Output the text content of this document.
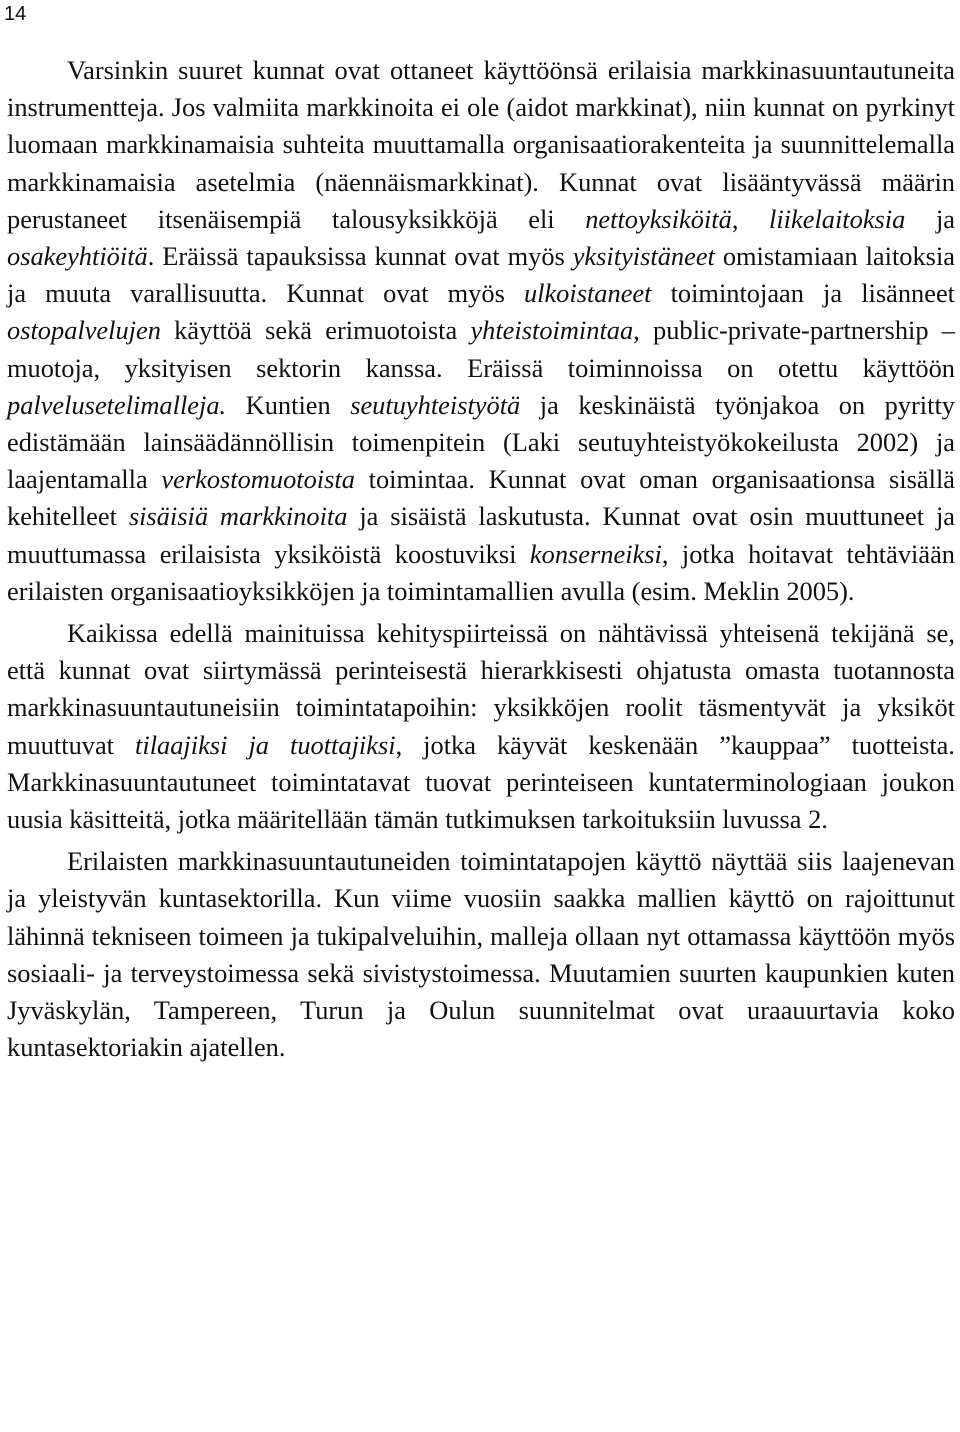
14

Varsinkin suuret kunnat ovat ottaneet käyttöönsä erilaisia markkinasuuntautuneita instrumentteja. Jos valmiita markkinoita ei ole (aidot markkinat), niin kunnat on pyrkinyt luomaan markkinamaisia suhteita muuttamalla organisaatiorakenteita ja suunnittelemalla markkinamaisia asetelmia (näennäismarkkinat). Kunnat ovat lisääntyvässä määrin perustaneet itsenäisempiä talousyksikköjä eli nettoyksiköitä, liikelaitoksia ja osakeyhtiöitä. Eräissä tapauksissa kunnat ovat myös yksityistäneet omistamiaan laitoksia ja muuta varallisuutta. Kunnat ovat myös ulkoistaneet toimintojaan ja lisänneet ostopalvelujen käyttöä sekä erimuotoista yhteistoimintaa, public-private-partnership –muotoja, yksityisen sektorin kanssa. Eräissä toiminnoissa on otettu käyttöön palvelusetelimalleja. Kuntien seutuyhteistyötä ja keskinäistä työnjakoa on pyritty edistämään lainsäädännöllisin toimenpitein (Laki seutuyhteistyökokeilusta 2002) ja laajentamalla verkostomuotoista toimintaa. Kunnat ovat oman organisaationsa sisällä kehitelleet sisäisiä markkinoita ja sisäistä laskutusta. Kunnat ovat osin muuttuneet ja muuttumassa erilaisista yksiköistä koostuviksi konserneiksi, jotka hoitavat tehtäviään erilaisten organisaatioyksikköjen ja toimintamallien avulla (esim. Meklin 2005).

Kaikissa edellä mainituissa kehityspiirteissä on nähtävissä yhteisenä tekijänä se, että kunnat ovat siirtymässä perinteisestä hierarkkisesti ohjatusta omasta tuotannosta markkinasuuntautuneisiin toimintatapoihin: yksikköjen roolit täsmentyvät ja yksiköt muuttuvat tilaajiksi ja tuottajiksi, jotka käyvät keskenään ”kauppaa” tuotteista. Markkinasuuntautuneet toimintatavat tuovat perinteiseen kuntaterminologiaan joukon uusia käsitteitä, jotka määritellään tämän tutkimuksen tarkoituksiin luvussa 2.

Erilaisten markkinasuuntautuneiden toimintatapojen käyttö näyttää siis laajenevan ja yleistyvän kuntasektorilla. Kun viime vuosiin saakka mallien käyttö on rajoittunut lähinnä tekniseen toimeen ja tukipalveluihin, malleja ollaan nyt ottamassa käyttöön myös sosiaali- ja terveystoimessa sekä sivistystoimessa. Muutamien suurten kaupunkien kuten Jyväskylän, Tampereen, Turun ja Oulun suunnitelmat ovat uraauurtavia koko kuntasektoriakin ajatellen.
